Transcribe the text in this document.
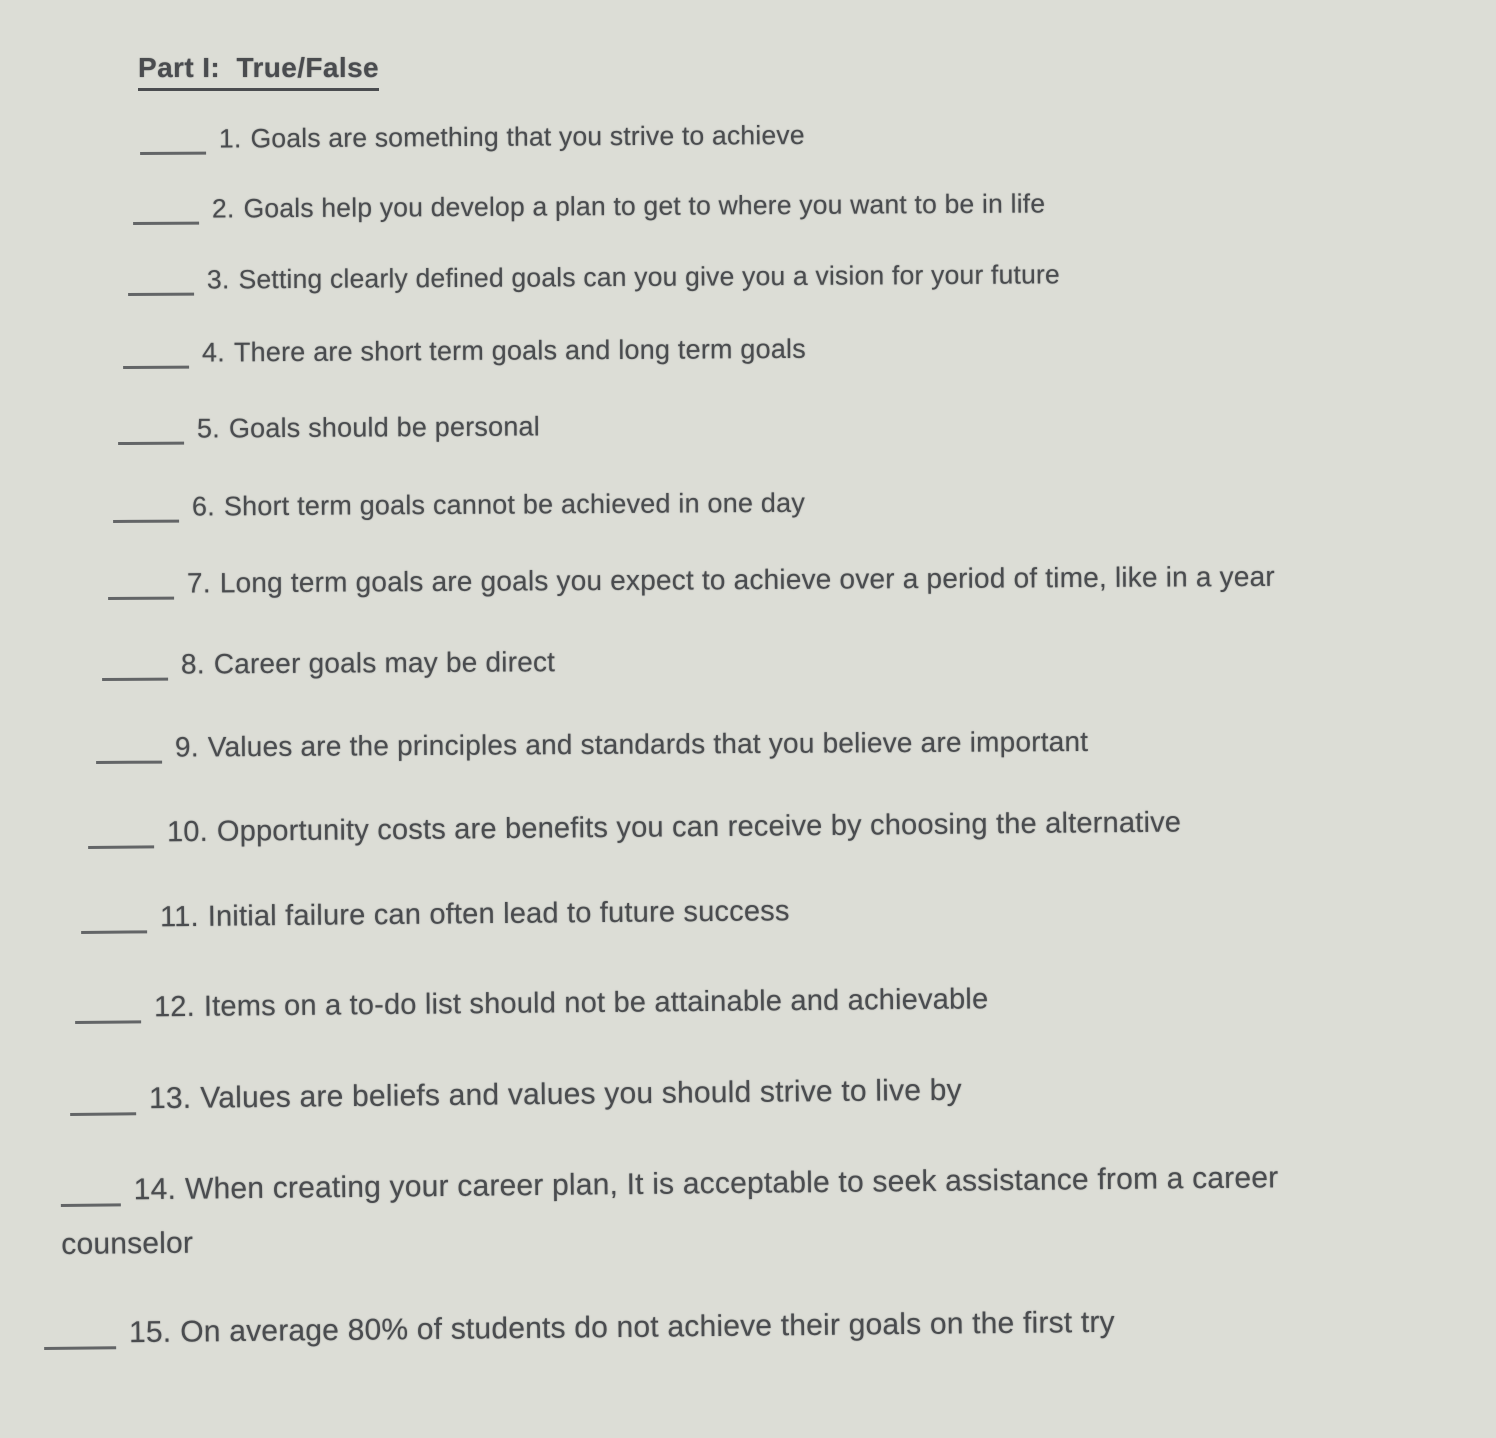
Part I:  True/False
1. Goals are something that you strive to achieve
2. Goals help you develop a plan to get to where you want to be in life
3. Setting clearly defined goals can you give you a vision for your future
4. There are short term goals and long term goals
5. Goals should be personal
6. Short term goals cannot be achieved in one day
7. Long term goals are goals you expect to achieve over a period of time, like in a year
8. Career goals may be direct
9. Values are the principles and standards that you believe are important
10. Opportunity costs are benefits you can receive by choosing the alternative
11. Initial failure can often lead to future success
12. Items on a to-do list should not be attainable and achievable
13. Values are beliefs and values you should strive to live by
14. When creating your career plan, It is acceptable to seek assistance from a career
counselor
15. On average 80% of students do not achieve their goals on the first try
